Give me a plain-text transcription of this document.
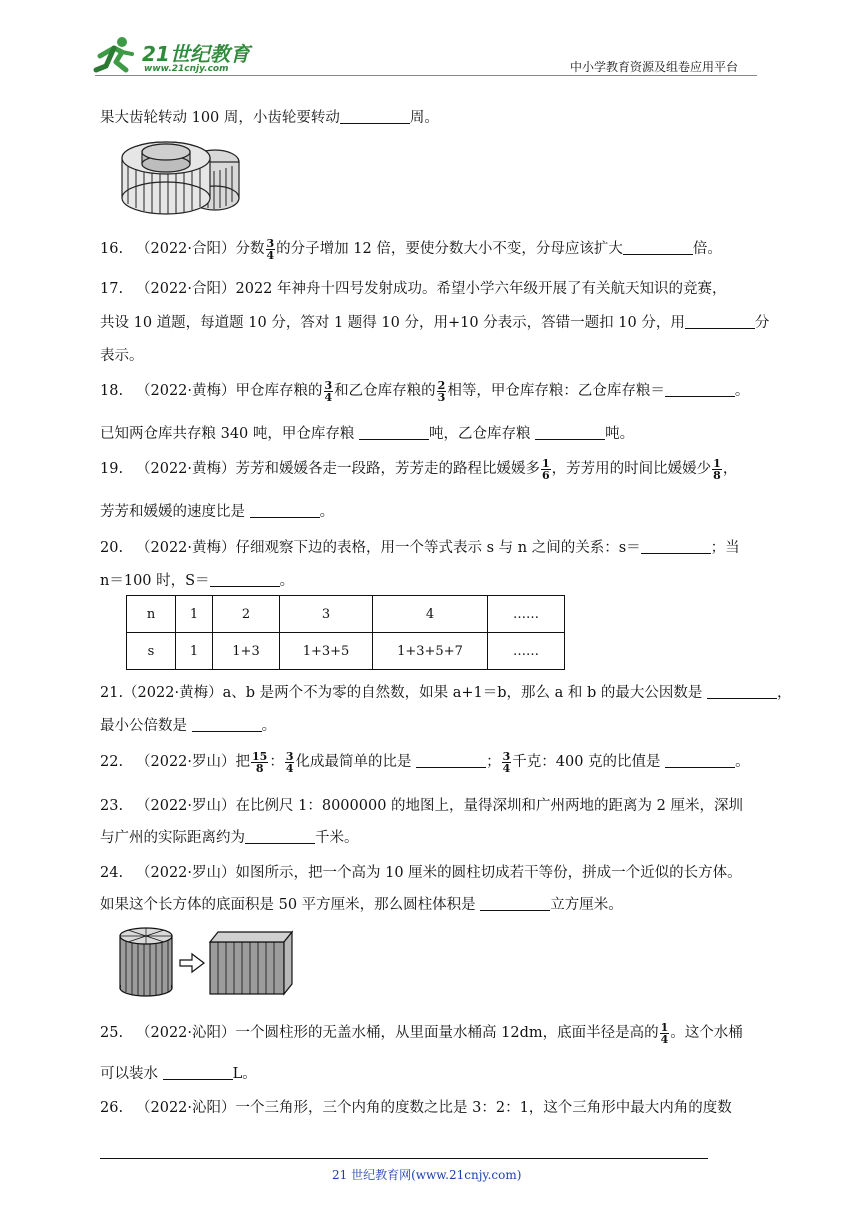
21世纪教育
www.21cnjy.com	中小学教育资源及组卷应用平台
果大齿轮转动 100 周，小齿轮要转动	周。
16. （2022·合阳）分数 $\frac{3}{4}$ 的分子增加 12 倍，要使分数大小不变，分母应该扩大	倍。
17. （2022·合阳）2022 年神舟十四号发射成功。希望小学六年级开展了有关航天知识的竞赛，
共设 10 道题，每道题 10 分，答对 1 题得 10 分，用+10 分表示，答错一题扣 10 分，用	分
表示。
18. （2022·黄梅）甲仓库存粮的 $\frac{3}{4}$ 和乙仓库存粮的 $\frac{2}{3}$ 相等，甲仓库存粮：乙仓库存粮＝	。
已知两仓库共存粮 340 吨，甲仓库存粮	吨，乙仓库存粮	吨。
19. （2022·黄梅）芳芳和媛媛各走一段路，芳芳走的路程比媛媛多 $\frac{1}{6}$ ，芳芳用的时间比媛媛少 $\frac{1}{8}$ ，
芳芳和媛媛的速度比是	。
20. （2022·黄梅）仔细观察下边的表格，用一个等式表示 s 与 n 之间的关系：s＝	；当
n＝100 时，S＝	。
n	1	2	3	4	……
s	1	1+3	1+3+5	1+3+5+7	……
21.（2022·黄梅）a、b 是两个不为零的自然数，如果 a+1＝b，那么 a 和 b 的最大公因数是	，
最小公倍数是	。
22. （2022·罗山）把 $\frac{15}{8}$ ： $\frac{3}{4}$ 化成最简单的比是	； $\frac{3}{4}$ 千克：400 克的比值是	。
23. （2022·罗山）在比例尺 1：8000000 的地图上，量得深圳和广州两地的距离为 2 厘米，深圳
与广州的实际距离约为	千米。
24. （2022·罗山）如图所示，把一个高为 10 厘米的圆柱切成若干等份，拼成一个近似的长方体。
如果这个长方体的底面积是 50 平方厘米，那么圆柱体积是	立方厘米。
25. （2022·沁阳）一个圆柱形的无盖水桶，从里面量水桶高 12dm，底面半径是高的 $\frac{1}{4}$ 。这个水桶
可以装水	L。
26. （2022·沁阳）一个三角形，三个内角的度数之比是 3：2：1，这个三角形中最大内角的度数
21 世纪教育网(www.21cnjy.com)
